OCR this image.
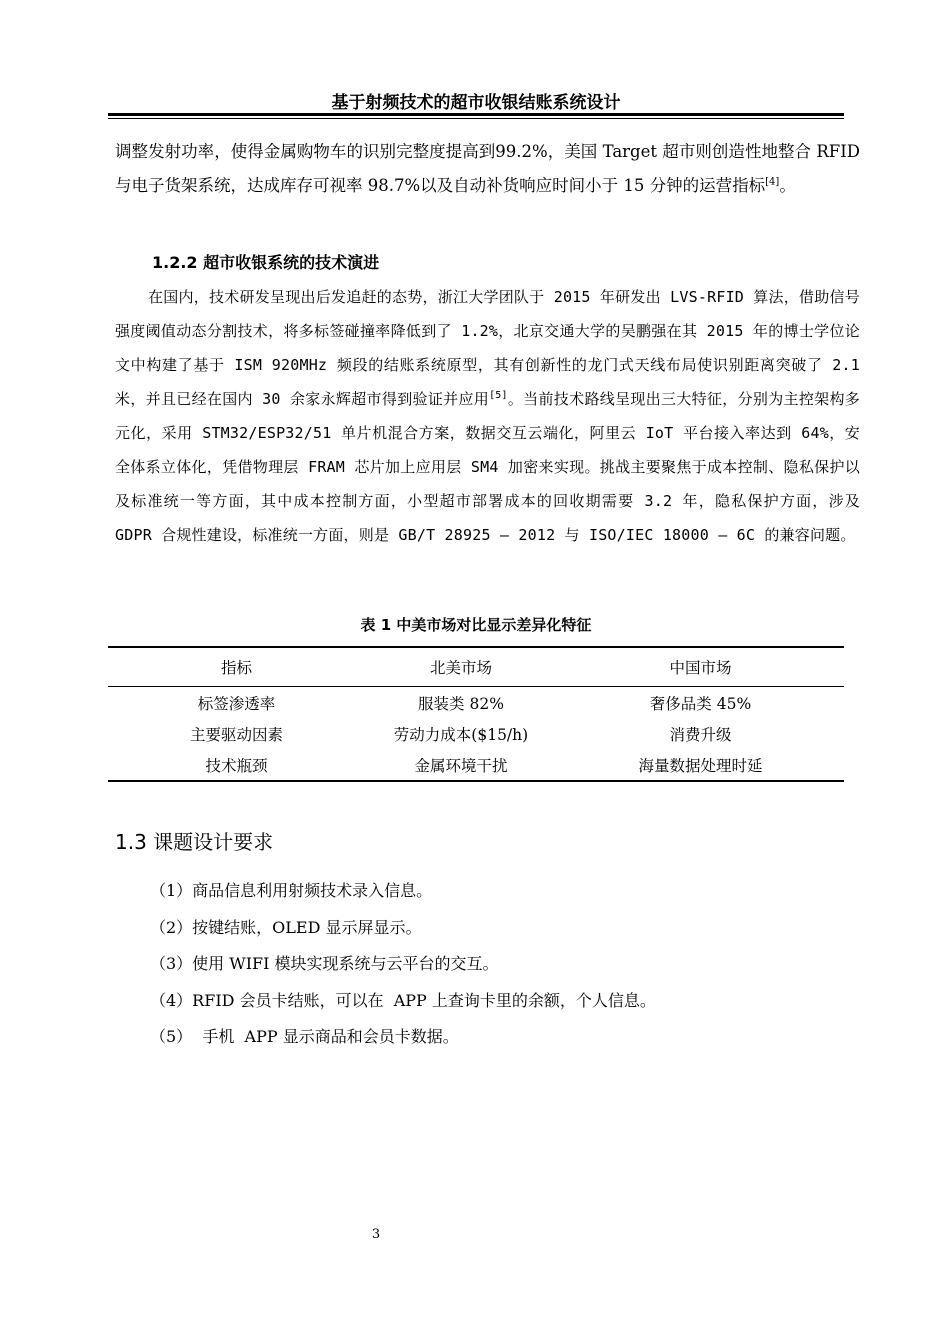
基于射频技术的超市收银结账系统设计

调整发射功率，使得金属购物车的识别完整度提高到99.2%，美国 Target 超市则创造性地整合 RFID 与电子货架系统，达成库存可视率 98.7%以及自动补货响应时间小于 15 分钟的运营指标[4]。

1.2.2 超市收银系统的技术演进

在国内，技术研发呈现出后发追赶的态势，浙江大学团队于 2015 年研发出 LVS-RFID 算法，借助信号强度阈值动态分割技术，将多标签碰撞率降低到了 1.2%，北京交通大学的吴鹏强在其 2015 年的博士学位论文中构建了基于 ISM 920MHz 频段的结账系统原型，其有创新性的龙门式天线布局使识别距离突破了 2.1 米，并且已经在国内 30 余家永辉超市得到验证并应用[5]。当前技术路线呈现出三大特征，分别为主控架构多元化，采用 STM32/ESP32/51 单片机混合方案，数据交互云端化，阿里云 IoT 平台接入率达到 64%，安全体系立体化，凭借物理层 FRAM 芯片加上应用层 SM4 加密来实现。挑战主要聚焦于成本控制、隐私保护以及标准统一等方面，其中成本控制方面，小型超市部署成本的回收期需要 3.2 年，隐私保护方面，涉及 GDPR 合规性建设，标准统一方面，则是 GB/T 28925 – 2012 与 ISO/IEC 18000 – 6C 的兼容问题。

表 1 中美市场对比显示差异化特征
指标	北美市场	中国市场
标签渗透率	服装类 82%	奢侈品类 45%
主要驱动因素	劳动力成本($15/h)	消费升级
技术瓶颈	金属环境干扰	海量数据处理时延
1.3 课题设计要求
（1）商品信息利用射频技术录入信息。
（2）按键结账，OLED 显示屏显示。
（3）使用 WIFI 模块实现系统与云平台的交互。
（4）RFID 会员卡结账，可以在  APP 上查询卡里的余额，个人信息。
（5）  手机  APP 显示商品和会员卡数据。
3
